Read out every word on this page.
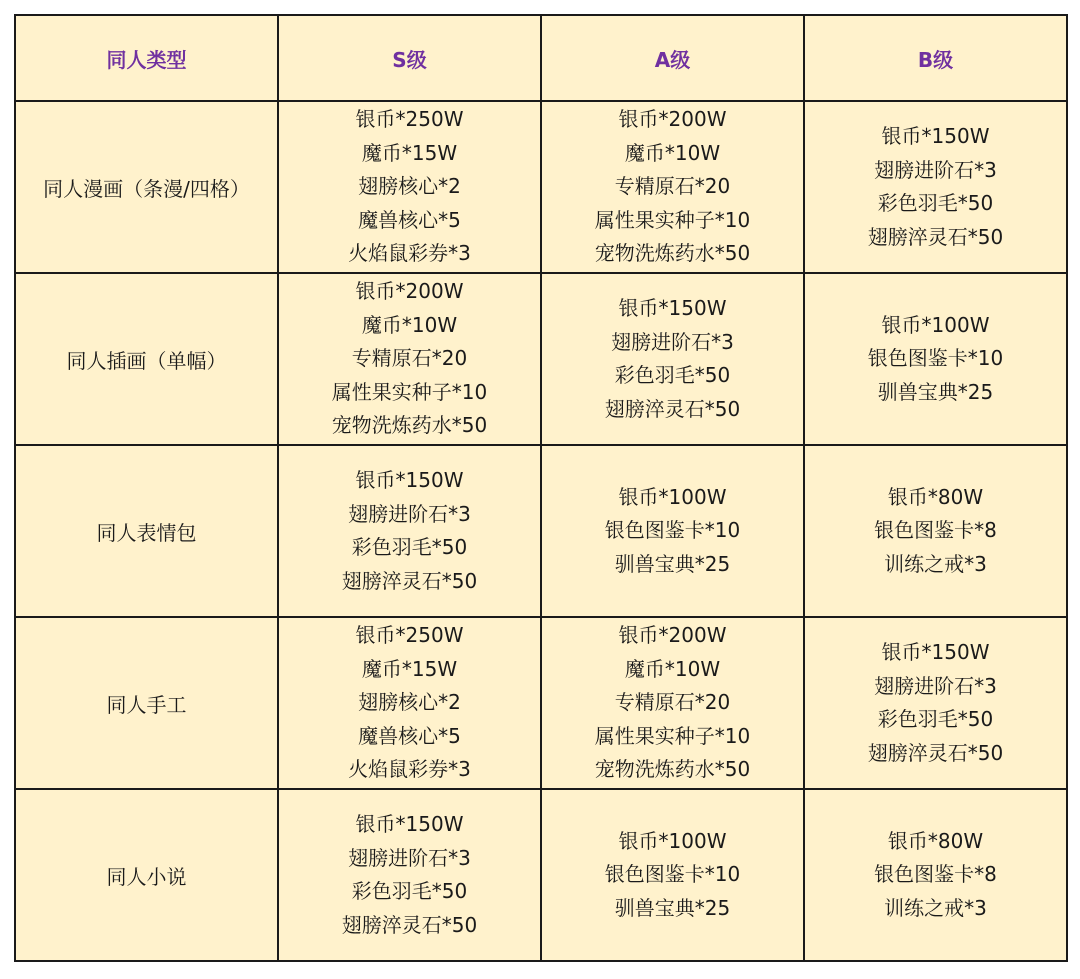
同人类型	S级	A级	B级
同人漫画（条漫/四格）	银币*250W
魔币*15W
翅膀核心*2
魔兽核心*5
火焰鼠彩券*3	银币*200W
魔币*10W
专精原石*20
属性果实种子*10
宠物洗炼药水*50	银币*150W
翅膀进阶石*3
彩色羽毛*50
翅膀淬灵石*50

同人插画（单幅）	银币*200W
魔币*10W
专精原石*20
属性果实种子*10
宠物洗炼药水*50	银币*150W
翅膀进阶石*3
彩色羽毛*50
翅膀淬灵石*50	银币*100W
银色图鉴卡*10
驯兽宝典*25

同人表情包	银币*150W
翅膀进阶石*3
彩色羽毛*50
翅膀淬灵石*50	银币*100W
银色图鉴卡*10
驯兽宝典*25	银币*80W
银色图鉴卡*8
训练之戒*3

同人手工	银币*250W
魔币*15W
翅膀核心*2
魔兽核心*5
火焰鼠彩券*3	银币*200W
魔币*10W
专精原石*20
属性果实种子*10
宠物洗炼药水*50	银币*150W
翅膀进阶石*3
彩色羽毛*50
翅膀淬灵石*50

同人小说	银币*150W
翅膀进阶石*3
彩色羽毛*50
翅膀淬灵石*50	银币*100W
银色图鉴卡*10
驯兽宝典*25	银币*80W
银色图鉴卡*8
训练之戒*3
